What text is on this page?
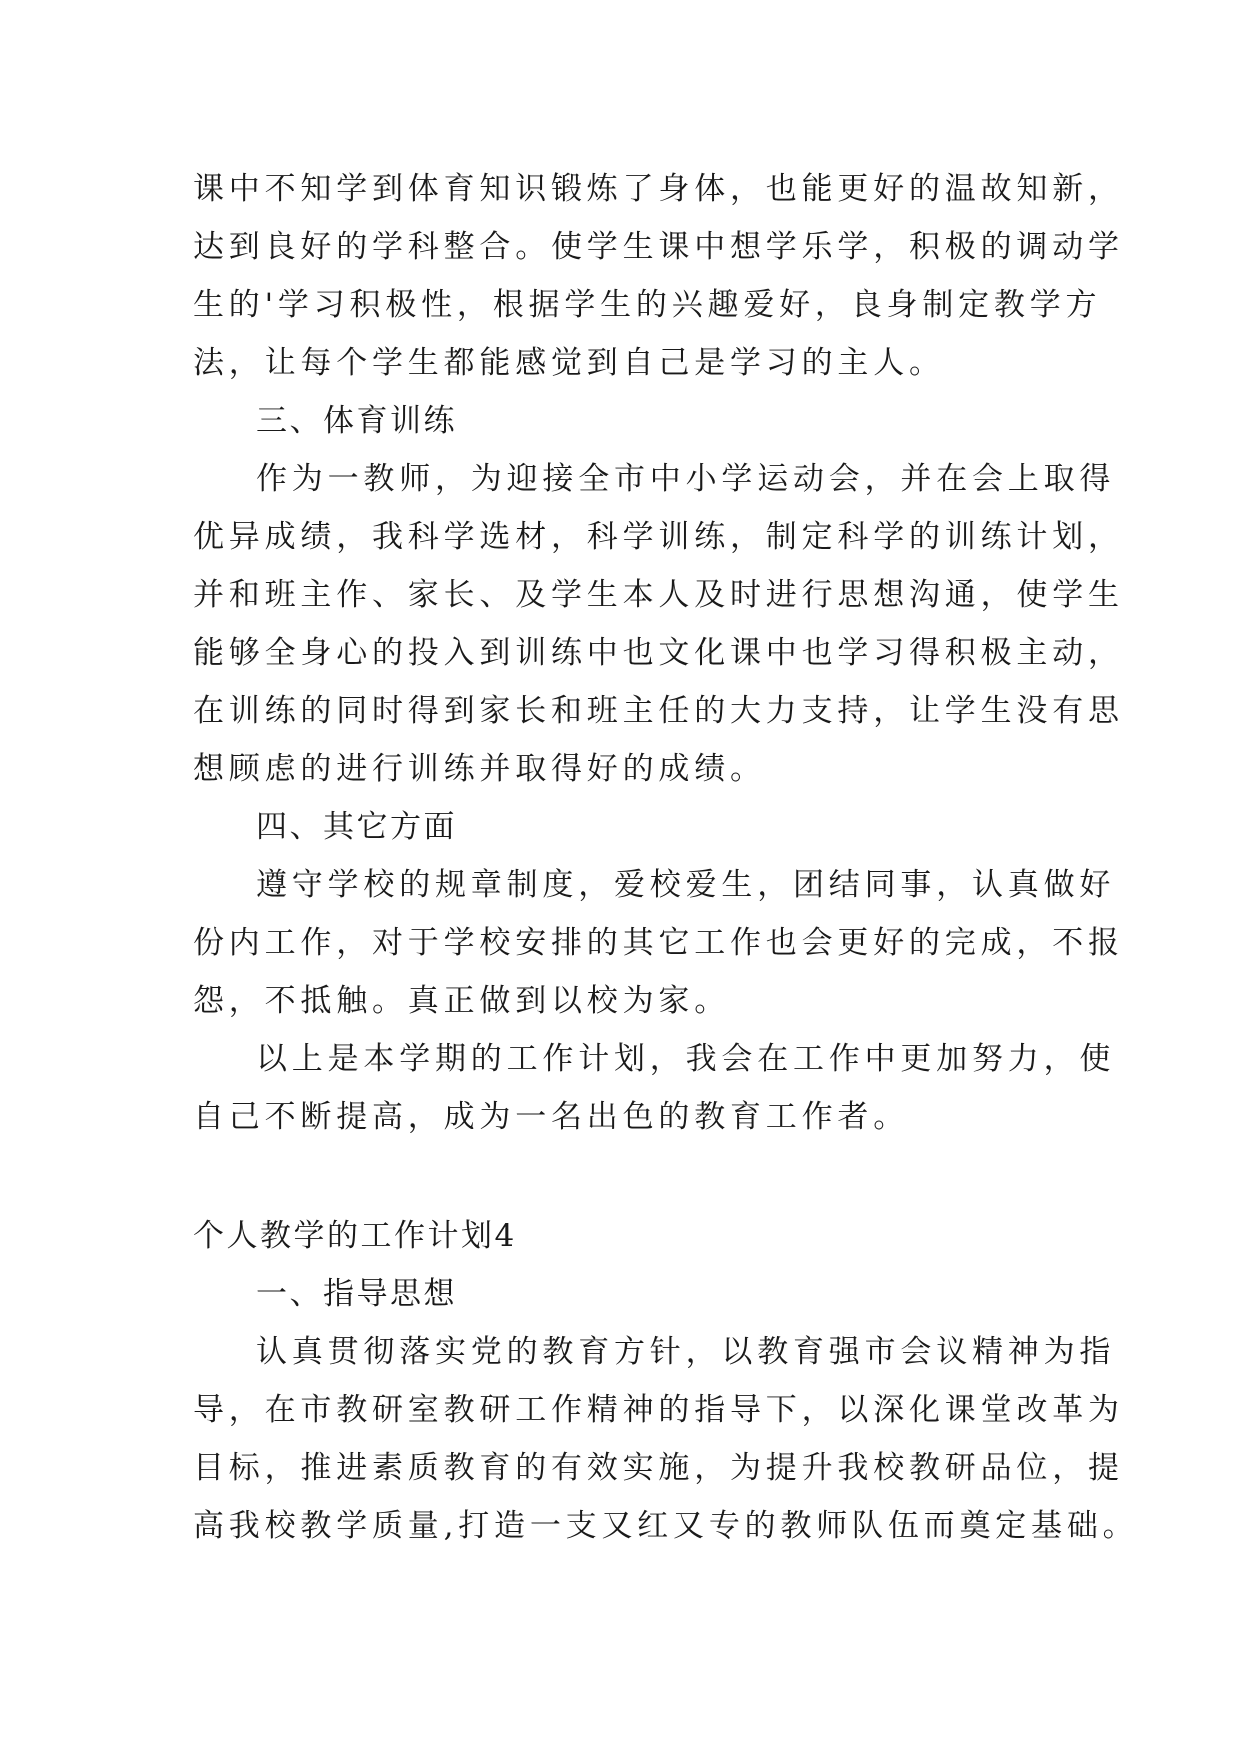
课中不知学到体育知识锻炼了身体，也能更好的温故知新，
达到良好的学科整合。使学生课中想学乐学，积极的调动学
生的'学习积极性，根据学生的兴趣爱好，良身制定教学方
法，让每个学生都能感觉到自己是学习的主人。
三、体育训练
作为一教师，为迎接全市中小学运动会，并在会上取得
优异成绩，我科学选材，科学训练，制定科学的训练计划，
并和班主作、家长、及学生本人及时进行思想沟通，使学生
能够全身心的投入到训练中也文化课中也学习得积极主动，
在训练的同时得到家长和班主任的大力支持，让学生没有思
想顾虑的进行训练并取得好的成绩。
四、其它方面
遵守学校的规章制度，爱校爱生，团结同事，认真做好
份内工作，对于学校安排的其它工作也会更好的完成，不报
怨，不抵触。真正做到以校为家。
以上是本学期的工作计划，我会在工作中更加努力，使
自己不断提高，成为一名出色的教育工作者。
个人教学的工作计划4
一、指导思想
认真贯彻落实党的教育方针，以教育强市会议精神为指
导，在市教研室教研工作精神的指导下，以深化课堂改革为
目标，推进素质教育的有效实施，为提升我校教研品位，提
高我校教学质量,打造一支又红又专的教师队伍而奠定基础。
